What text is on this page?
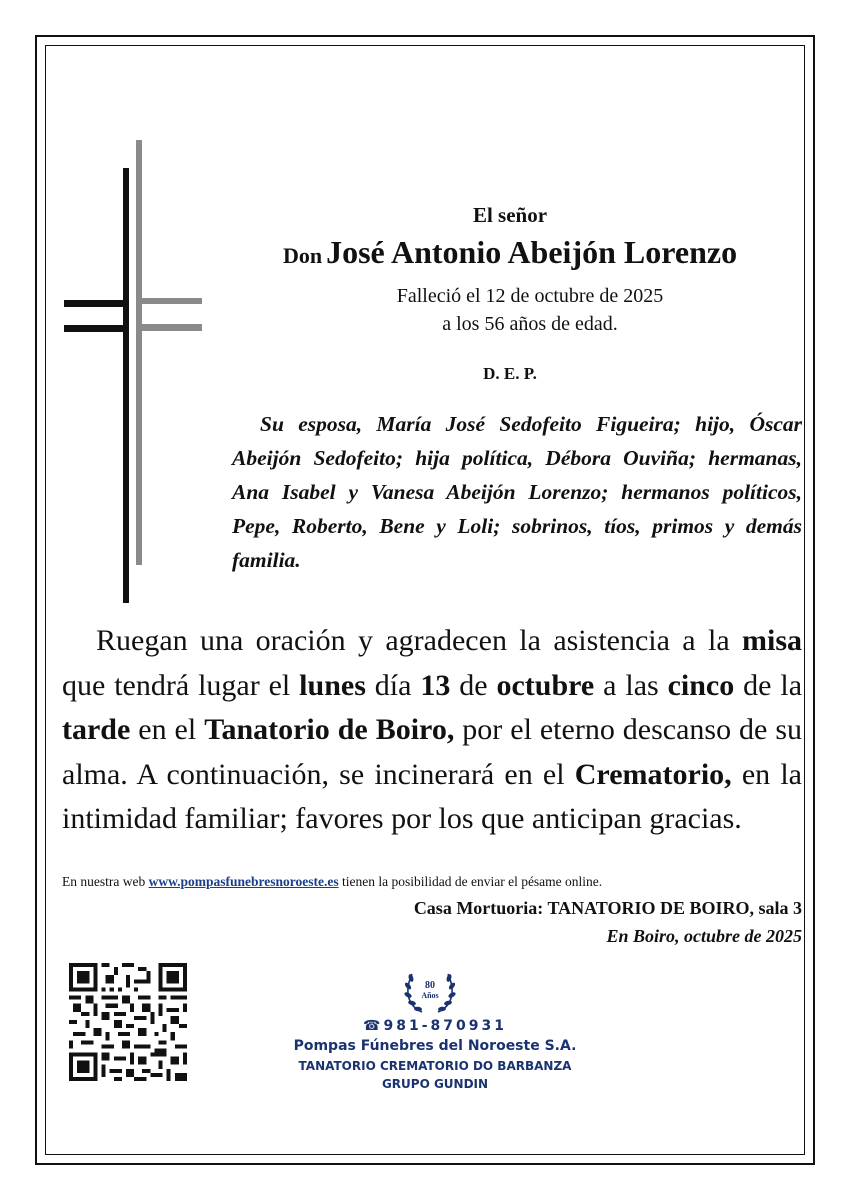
El señor
Don José Antonio Abeijón Lorenzo
Falleció el 12 de octubre de 2025
a los 56 años de edad.
D. E. P.
Su esposa, María José Sedofeito Figueira; hijo, Óscar Abeijón Sedofeito; hija política, Débora Ouviña; hermanas, Ana Isabel y Vanesa Abeijón Lorenzo; hermanos políticos, Pepe, Roberto, Bene y Loli; sobrinos, tíos, primos y demás familia.
Ruegan una oración y agradecen la asistencia a la misa que tendrá lugar el lunes día 13 de octubre a las cinco de la tarde en el Tanatorio de Boiro, por el eterno descanso de su alma. A continuación, se incinerará en el Crematorio, en la intimidad familiar; favores por los que anticipan gracias.
En nuestra web www.pompasfunebresnoroeste.es tienen la posibilidad de enviar el pésame online.
Casa Mortuoria: TANATORIO DE BOIRO, sala 3
En Boiro, octubre de 2025
80
Años
☎981-870931
Pompas Fúnebres del Noroeste S.A.
TANATORIO CREMATORIO DO BARBANZA
GRUPO GUNDIN
